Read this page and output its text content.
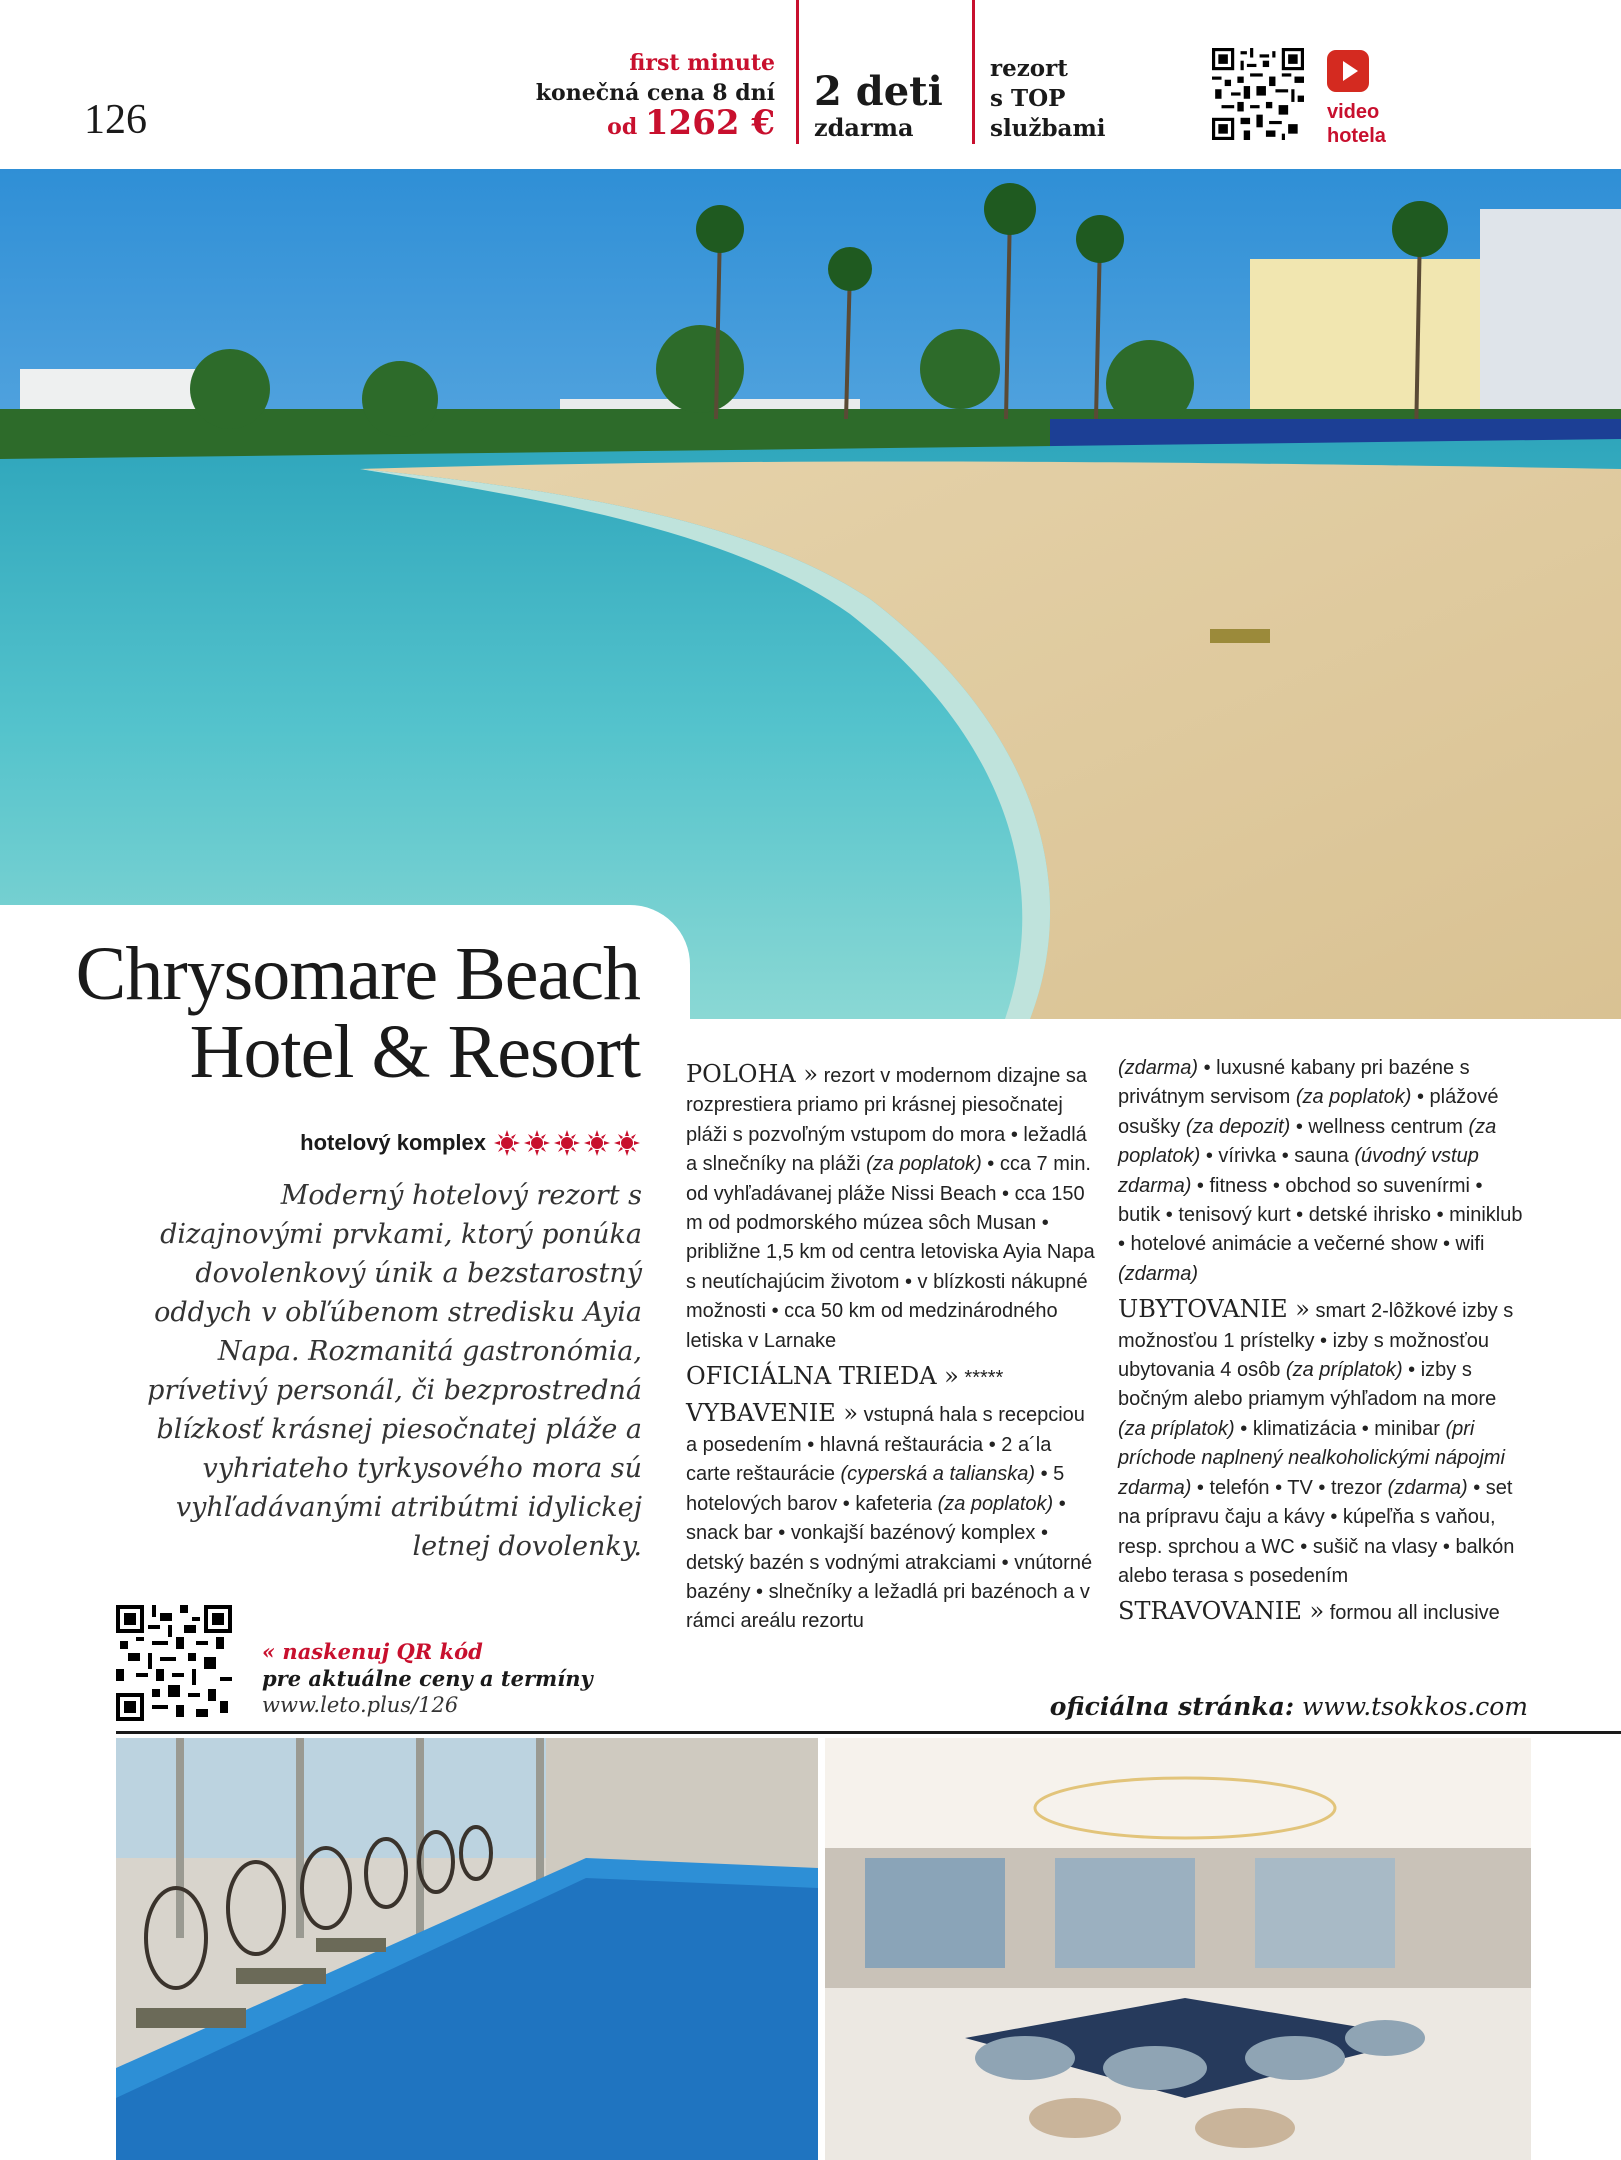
126
first minute
konečná cena 8 dní
od 1262 €
2 deti
zdarma
rezort
s TOP
službami
video
hotela
Chrysomare Beach
Hotel & Resort
hotelový komplex
Moderný hotelový rezort s dizajnovými prvkami, ktorý ponúka dovolenkový únik a bezstarostný oddych v obľúbenom stredisku Ayia Napa. Rozmanitá gastronómia, prívetivý personál, či bezprostredná blízkosť krásnej piesočnatej pláže a vyhriateho tyrkysového mora sú vyhľadávanými atribútmi idylickej letnej dovolenky.

POLOHA » rezort v modernom dizajne sa rozprestiera priamo pri krásnej piesočnatej pláži s pozvoľným vstupom do mora • ležadlá a slnečníky na pláži (za poplatok) • cca 7 min. od vyhľadávanej pláže Nissi Beach • cca 150 m od podmorského múzea sôch Musan • približne 1,5 km od centra letoviska Ayia Napa s neutíchajúcim životom • v blízkosti nákupné možnosti • cca 50 km od medzinárodného letiska v Larnake

OFICIÁLNA TRIEDA » *****

VYBAVENIE » vstupná hala s recepciou a posedením • hlavná reštaurácia • 2 a´la carte reštaurácie (cyperská a talianska) • 5 hotelových barov • kafeteria (za poplatok) • snack bar • vonkajší bazénový komplex • detský bazén s vodnými atrakciami • vnútorné bazény • slnečníky a ležadlá pri bazénoch a v rámci areálu rezortu

(zdarma) • luxusné kabany pri bazéne s privátnym servisom (za poplatok) • plážové osušky (za depozit) • wellness centrum (za poplatok) • vírivka • sauna (úvodný vstup zdarma) • fitness • obchod so suvenírmi • butik • tenisový kurt • detské ihrisko • miniklub • hotelové animácie a večerné show • wifi (zdarma)

UBYTOVANIE » smart 2-lôžkové izby s možnosťou 1 prístelky • izby s možnosťou ubytovania 4 osôb (za príplatok) • izby s bočným alebo priamym výhľadom na more (za príplatok) • klimatizácia • minibar (pri príchode naplnený nealkoholickými nápojmi zdarma) • telefón • TV • trezor (zdarma) • set na prípravu čaju a kávy • kúpeľňa s vaňou, resp. sprchou a WC • sušič na vlasy • balkón alebo terasa s posedením

STRAVOVANIE » formou all inclusive

« naskenuj QR kód
pre aktuálne ceny a termíny
www.leto.plus/126	oficiálna stránka: www.tsokkos.com
